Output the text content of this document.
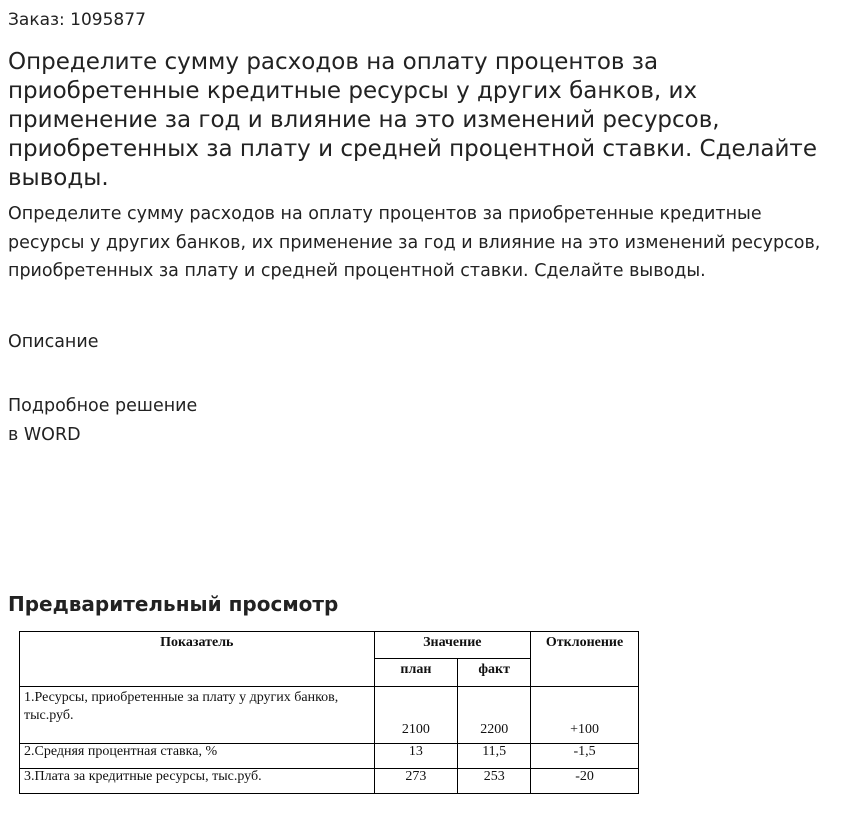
Заказ: 1095877
Определите сумму расходов на оплату процентов за приобретенные кредитные ресурсы у других банков, их применение за год и влияние на это изменений ресурсов, приобретенных за плату и средней процентной ставки. Сделайте выводы.

Определите сумму расходов на оплату процентов за приобретенные кредитные ресурсы у других банков, их применение за год и влияние на это изменений ресурсов, приобретенных за плату и средней процентной ставки. Сделайте выводы.

Описание
Подробное решение
в WORD
Предварительный просмотр
Показатель	Значение		Отклонение
	план	факт	
1.Ресурсы, приобретенные за плату у других банков, тыс.руб.	2100	2200	+100
2.Средняя процентная ставка, %	13	11,5	-1,5
3.Плата за кредитные ресурсы, тыс.руб.	273	253	-20
